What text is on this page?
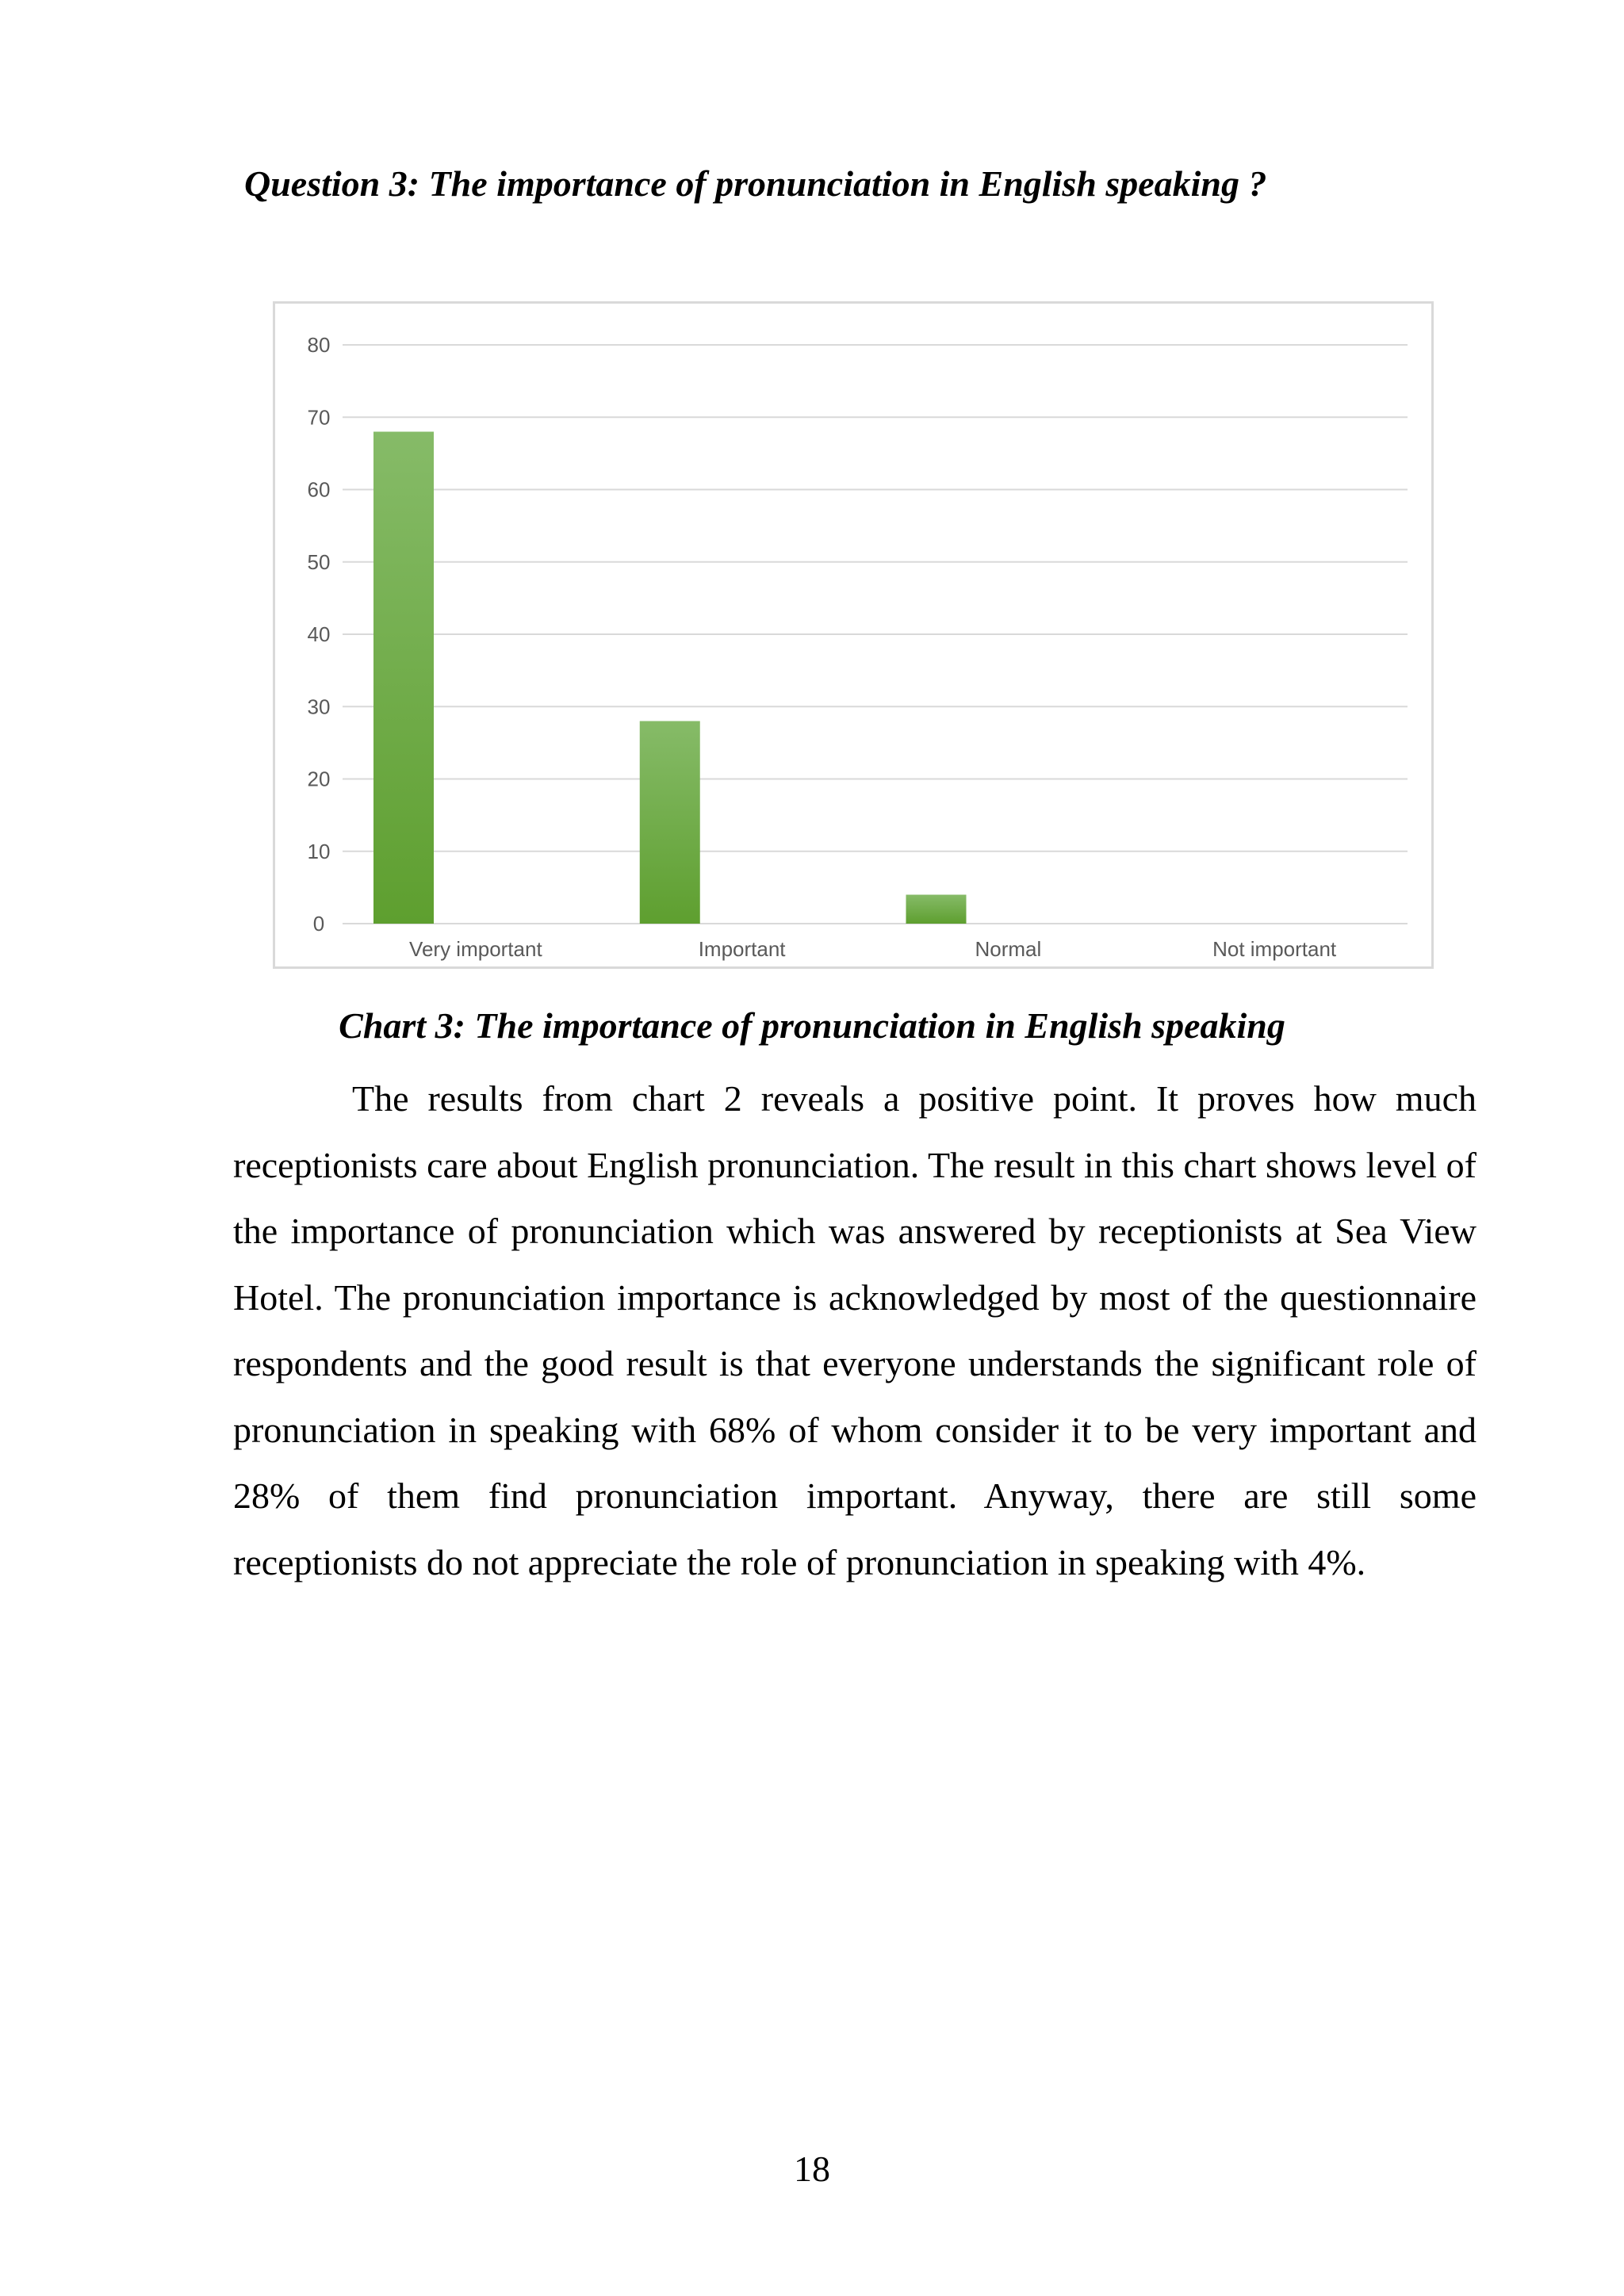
Question 3: The importance of pronunciation in English speaking ?
0
10
20
30
40
50
60
70
80
Very important	Important	Normal	Not important
Chart 3: The importance of pronunciation in English speaking

The results from chart 2 reveals a positive point. It proves how much receptionists care about English pronunciation. The result in this chart shows level of the importance of pronunciation which was answered by receptionists at Sea View Hotel. The pronunciation importance is acknowledged by most of the questionnaire respondents and the good result is that everyone understands the significant role of pronunciation in speaking with 68% of whom consider it to be very important and 28% of them find pronunciation important. Anyway, there are still some receptionists do not appreciate the role of pronunciation in speaking with 4%.

18
